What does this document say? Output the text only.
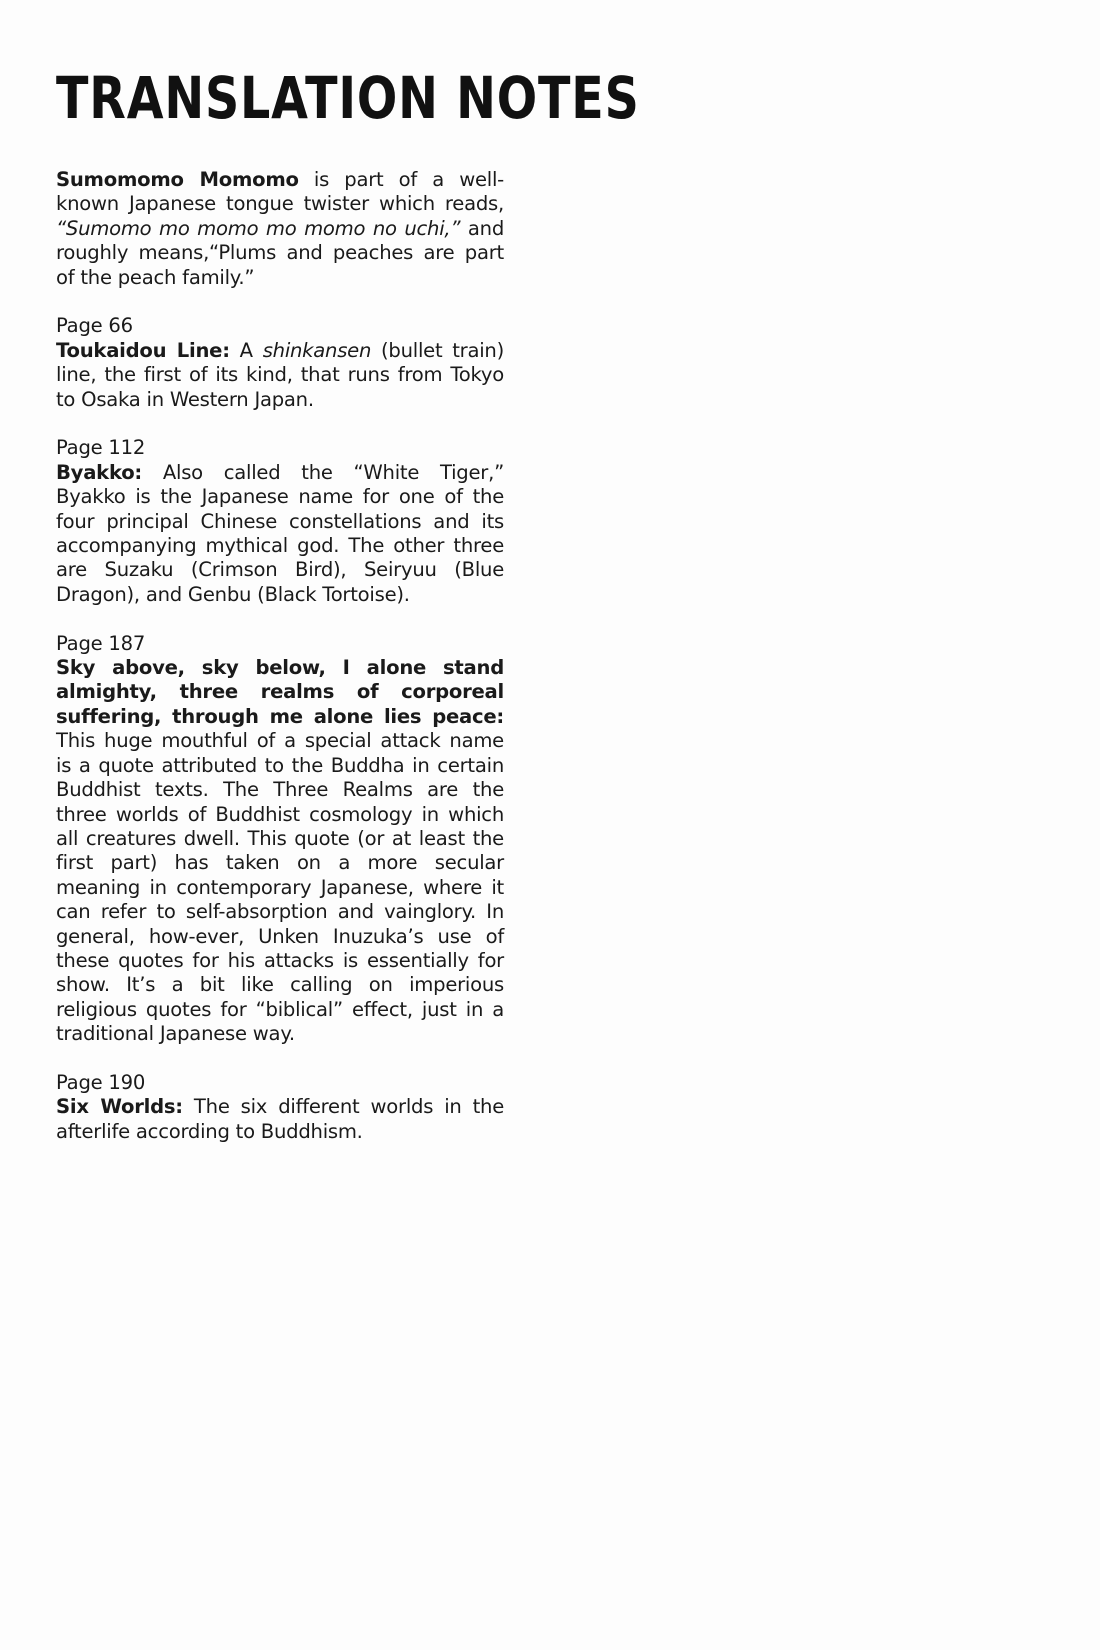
TRANSLATION NOTES

Sumomomo Momomo is part of a well-known Japanese tongue twister which reads, “Sumomo mo momo mo momo no uchi,” and roughly means,“Plums and peaches are part of the peach family.”

Page 66

Toukaidou Line: A shinkansen (bullet train) line, the first of its kind, that runs from Tokyo to Osaka in Western Japan.

Page 112

Byakko: Also called the “White Tiger,” Byakko is the Japanese name for one of the four principal Chinese constellations and its accompanying mythical god. The other three are Suzaku (Crimson Bird), Seiryuu (Blue Dragon), and Genbu (Black Tortoise).

Page 187

Sky above, sky below, I alone stand almighty, three realms of corporeal suffering, through me alone lies peace: This huge mouthful of a special attack name is a quote attributed to the Buddha in certain Buddhist texts. The Three Realms are the three worlds of Buddhist cosmology in which all creatures dwell. This quote (or at least the first part) has taken on a more secular meaning in contemporary Japanese, where it can refer to self-absorption and vainglory. In general, how-ever, Unken Inuzuka’s use of these quotes for his attacks is essentially for show. It’s a bit like calling on imperious religious quotes for “biblical” effect, just in a traditional Japanese way.

Page 190

Six Worlds: The six different worlds in the afterlife according to Buddhism.
